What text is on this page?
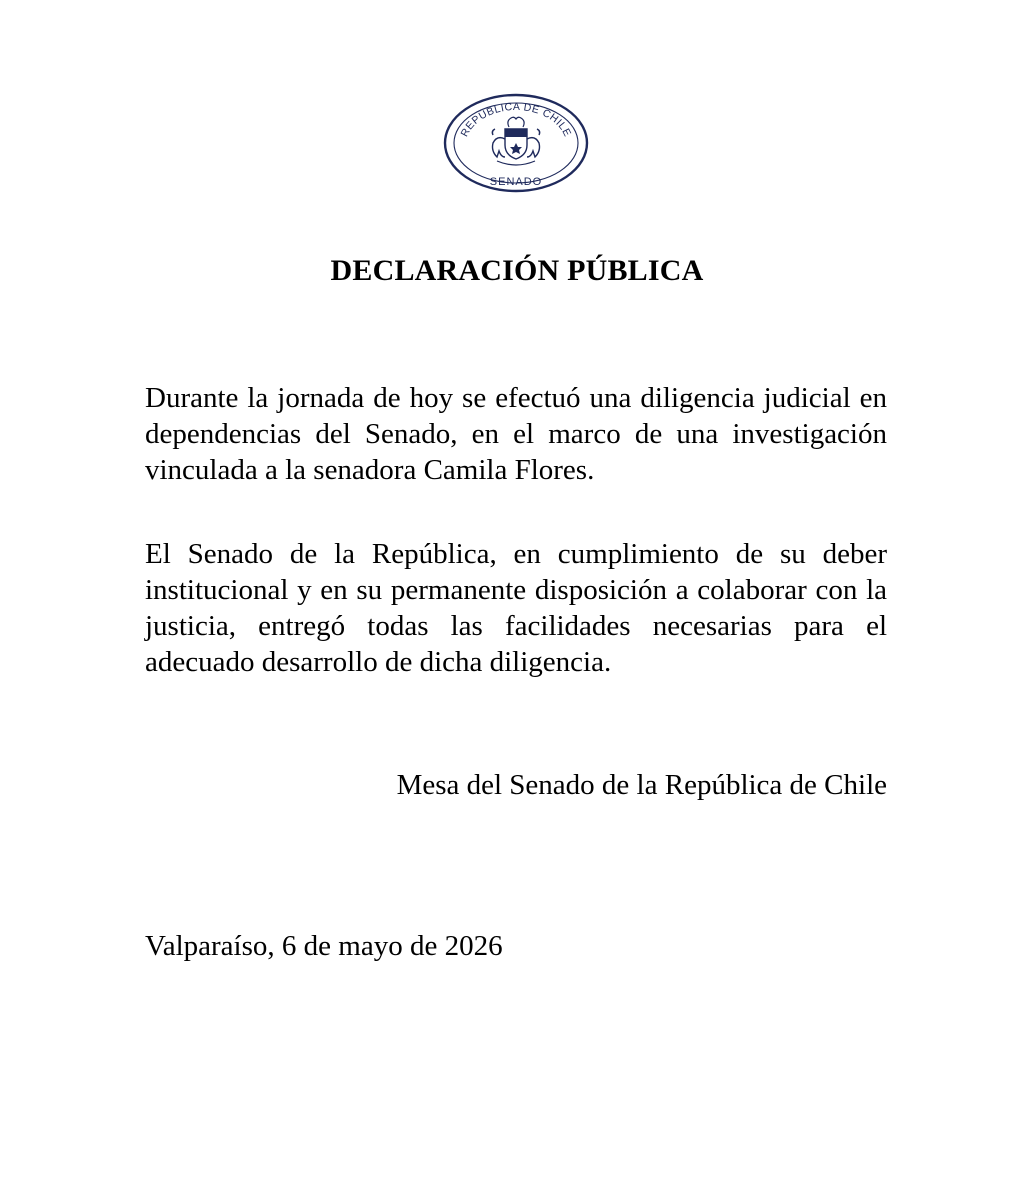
REPÚBLICA DE CHILE
SENADO
DECLARACIÓN PÚBLICA

Durante la jornada de hoy se efectuó una diligencia judicial en dependencias del Senado, en el marco de una investigación vinculada a la senadora Camila Flores.

El Senado de la República, en cumplimiento de su deber institucional y en su permanente disposición a colaborar con la justicia, entregó todas las facilidades necesarias para el adecuado desarrollo de dicha diligencia.

Mesa del Senado de la República de Chile
Valparaíso, 6 de mayo de 2026
